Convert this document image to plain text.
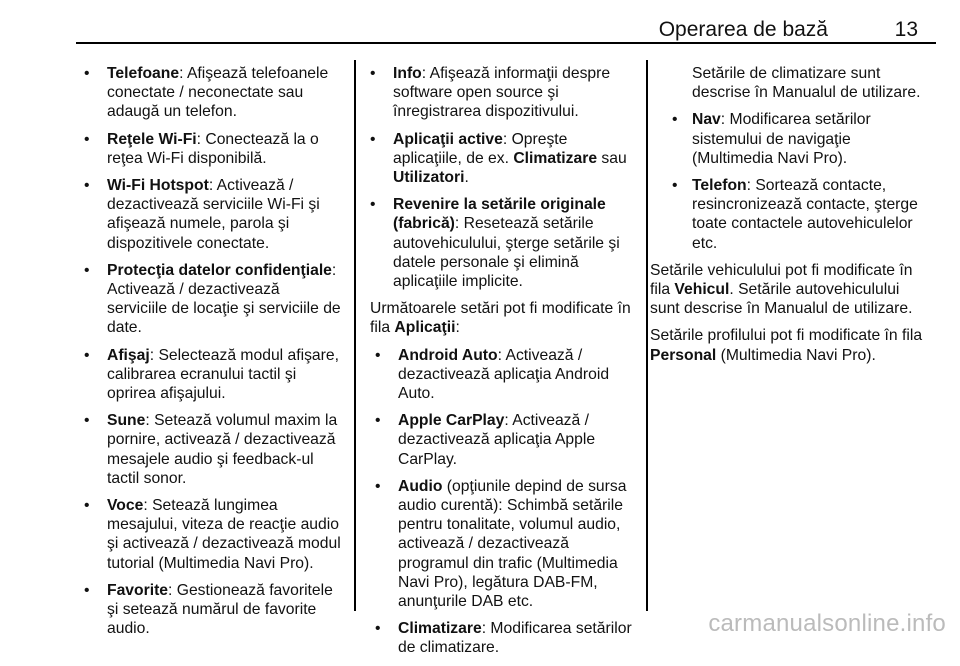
Operarea de bază	13
• Telefoane: Afişează telefoanele conectate / neconectate sau adaugă un telefon.
• Reţele Wi-Fi: Conectează la o reţea Wi-Fi disponibilă.
• Wi-Fi Hotspot: Activează / dezactivează serviciile Wi-Fi şi afişează numele, parola şi dispozitivele conectate.
• Protecţia datelor confidenţiale: Activează / dezactivează serviciile de locaţie şi serviciile de date.
• Afişaj: Selectează modul afişare, calibrarea ecranului tactil şi oprirea afişajului.
• Sune: Setează volumul maxim la pornire, activează / dezactivează mesajele audio şi feedback-ul tactil sonor.
• Voce: Setează lungimea mesajului, viteza de reacţie audio şi activează / dezactivează modul tutorial (Multimedia Navi Pro).
• Favorite: Gestionează favoritele şi setează numărul de favorite audio.
• Info: Afişează informaţii despre software open source şi înregistrarea dispozitivului.
• Aplicaţii active: Opreşte aplicaţiile, de ex. Climatizare sau Utilizatori.
• Revenire la setările originale (fabrică): Resetează setările autovehiculului, şterge setările şi datele personale şi elimină aplicaţiile implicite.
Următoarele setări pot fi modificate în fila Aplicaţii:
• Android Auto: Activează / dezactivează aplicaţia Android Auto.
• Apple CarPlay: Activează / dezactivează aplicaţia Apple CarPlay.
• Audio (opţiunile depind de sursa audio curentă): Schimbă setările pentru tonalitate, volumul audio, activează / dezactivează programul din trafic (Multimedia Navi Pro), legătura DAB-FM, anunţurile DAB etc.
• Climatizare: Modificarea setărilor de climatizare.
Setările de climatizare sunt descrise în Manualul de utilizare.
• Nav: Modificarea setărilor sistemului de navigaţie (Multimedia Navi Pro).
• Telefon: Sortează contacte, resincronizează contacte, şterge toate contactele autovehiculelor etc.
Setările vehiculului pot fi modificate în fila Vehicul. Setările autovehiculului sunt descrise în Manualul de utilizare.
Setările profilului pot fi modificate în fila Personal (Multimedia Navi Pro).
carmanualsonline.info
